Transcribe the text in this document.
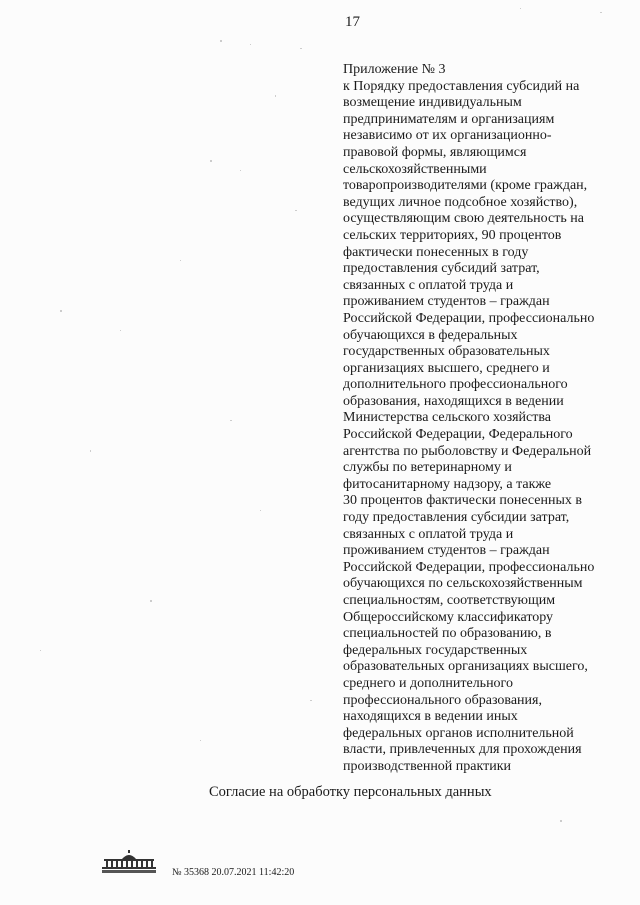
17
Приложение № 3
к Порядку предоставления субсидий на
возмещение индивидуальным
предпринимателям и организациям
независимо от их организационно-
правовой формы, являющимся
сельскохозяйственными
товаропроизводителями (кроме граждан,
ведущих личное подсобное хозяйство),
осуществляющим свою деятельность на
сельских территориях, 90 процентов
фактически понесенных в году
предоставления субсидий затрат,
связанных с оплатой труда и
проживанием студентов – граждан
Российской Федерации, профессионально
обучающихся в федеральных
государственных образовательных
организациях высшего, среднего и
дополнительного профессионального
образования, находящихся в ведении
Министерства сельского хозяйства
Российской Федерации, Федерального
агентства по рыболовству и Федеральной
службы по ветеринарному и
фитосанитарному надзору, а также
30 процентов фактически понесенных в
году предоставления субсидии затрат,
связанных с оплатой труда и
проживанием студентов – граждан
Российской Федерации, профессионально
обучающихся по сельскохозяйственным
специальностям, соответствующим
Общероссийскому классификатору
специальностей по образованию, в
федеральных государственных
образовательных организациях высшего,
среднего и дополнительного
профессионального образования,
находящихся в ведении иных
федеральных органов исполнительной
власти, привлеченных для прохождения
производственной практики
Согласие на обработку персональных данных
№ 35368 20.07.2021 11:42:20
